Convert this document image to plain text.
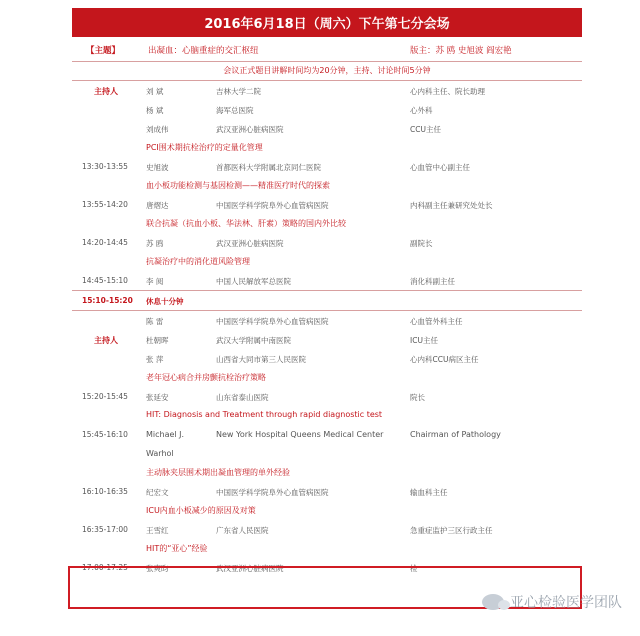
2016年6月18日（周六）下午第七分会场
【主题】	出凝血：心脑重症的交汇枢纽	版主：苏 鸥 史旭波 阎宏艳
会议正式题目讲解时间均为20分钟，主持、讨论时间5分钟
主持人	刘 斌	吉林大学二院	心内科主任、院长助理
杨 斌	海军总医院	心外科
刘成伟	武汉亚洲心脏病医院	CCU主任
PCI围术期抗栓治疗的定量化管理
13:30-13:55 史旭波	首都医科大学附属北京同仁医院	心血管中心副主任
血小板功能检测与基因检测——精准医疗时代的探索
13:55-14:20 唐熠达	中国医学科学院阜外心血管病医院	内科副主任兼研究处处长
联合抗凝（抗血小板、华法林、肝素）策略的国内外比较
14:20-14:45 苏 鸥	武汉亚洲心脏病医院	副院长
抗凝治疗中的消化道风险管理
14:45-15:10 李 阅	中国人民解放军总医院	消化科副主任
15:10-15:20 休息十分钟
陈 雷	中国医学科学院阜外心血管病医院	心血管外科主任
主持人	杜朝晖	武汉大学附属中南医院	ICU主任
张 萍	山西省大同市第三人民医院	心内科CCU病区主任
老年冠心病合并房颤抗栓治疗策略
15:20-15:45 张延安	山东省泰山医院	院长
HIT: Diagnosis and Treatment through rapid diagnostic test
15:45-16:10 Michael J.	New York Hospital Queens Medical Center	Chairman of Pathology
Warhol
主动脉夹层围术期出凝血管理的单外经验
16:10-16:35 纪宏文	中国医学科学院阜外心血管病医院	输血科主任
ICU内血小板减少的原因及对策
16:35-17:00 王雪红	广东省人民医院	急重症监护三区行政主任
HIT的“亚心”经验
17:00-17:25 张爽昀	武汉亚洲心脏病医院	检
亚心检验医学团队
